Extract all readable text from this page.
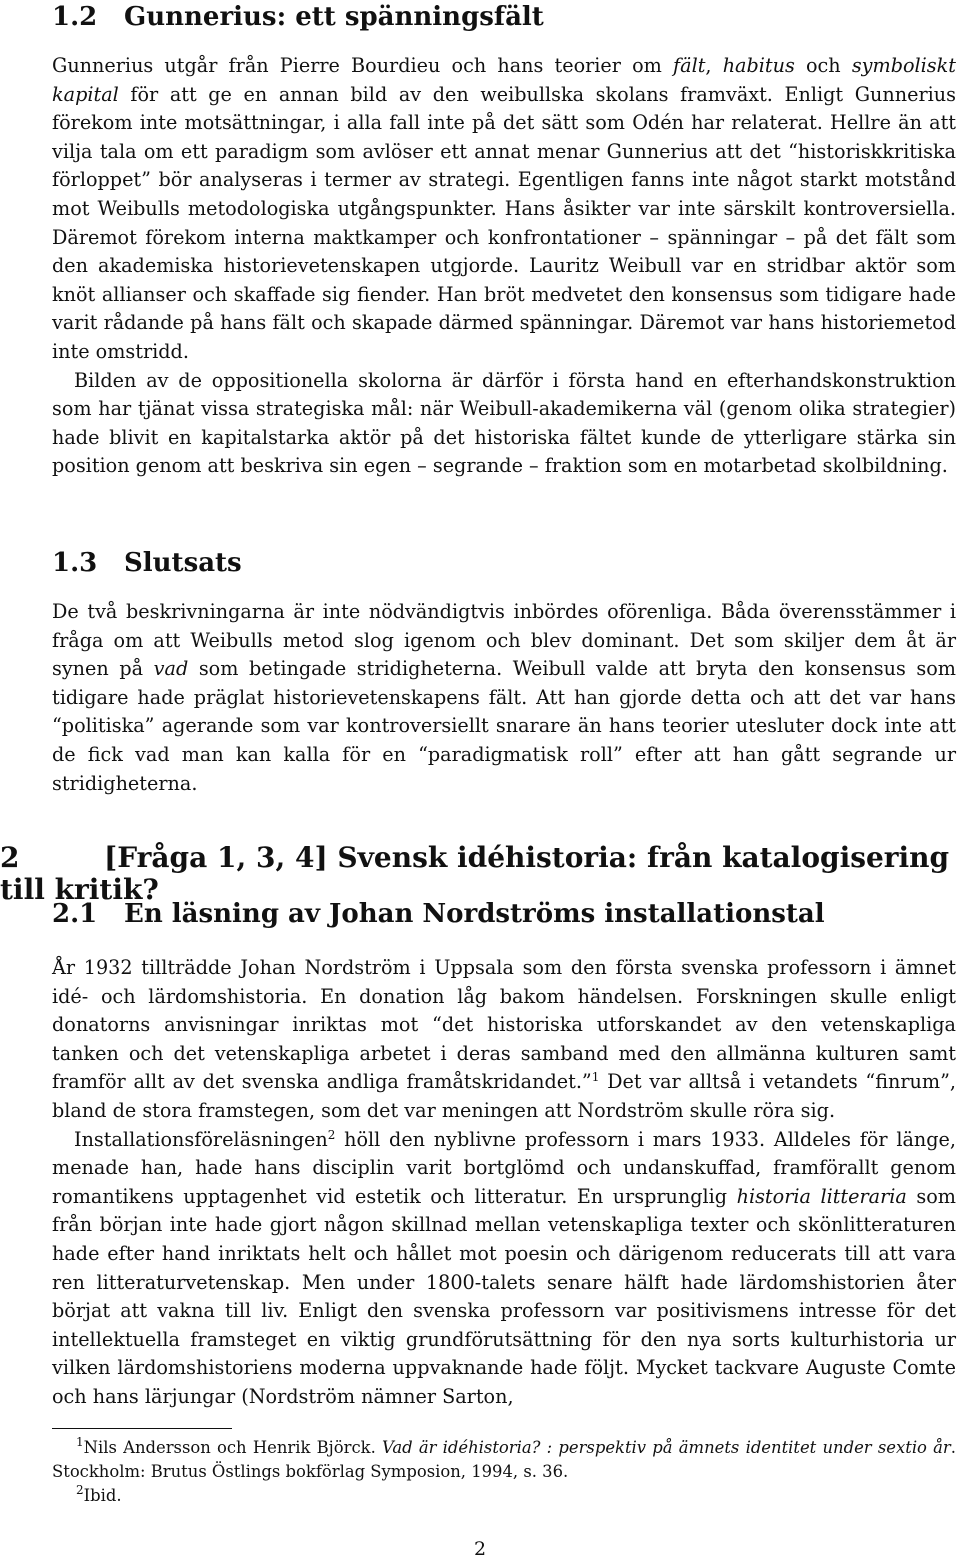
1.2 Gunnerius: ett spänningsfält

Gunnerius utgår från Pierre Bourdieu och hans teorier om fält, habitus och symboliskt kapital för att ge en annan bild av den weibullska skolans framväxt. Enligt Gunnerius förekom inte motsättningar, i alla fall inte på det sätt som Odén har relaterat. Hellre än att vilja tala om ett paradigm som avlöser ett annat menar Gunnerius att det “historiskkritiska förloppet” bör analyseras i termer av strategi. Egentligen fanns inte något starkt motstånd mot Weibulls metodologiska utgångspunkter. Hans åsikter var inte särskilt kontroversiella. Däremot förekom interna maktkamper och konfrontationer – spänningar – på det fält som den akademiska historievetenskapen utgjorde. Lauritz Weibull var en stridbar aktör som knöt allianser och skaffade sig fiender. Han bröt medvetet den konsensus som tidigare hade varit rådande på hans fält och skapade därmed spänningar. Däremot var hans historiemetod inte omstridd.

Bilden av de oppositionella skolorna är därför i första hand en efterhandskonstruktion som har tjänat vissa strategiska mål: när Weibull-akademikerna väl (genom olika strategier) hade blivit en kapitalstarka aktör på det historiska fältet kunde de ytterligare stärka sin position genom att beskriva sin egen – segrande – fraktion som en motarbetad skolbildning.

1.3 Slutsats

De två beskrivningarna är inte nödvändigtvis inbördes oförenliga. Båda överensstämmer i fråga om att Weibulls metod slog igenom och blev dominant. Det som skiljer dem åt är synen på vad som betingade stridigheterna. Weibull valde att bryta den konsensus som tidigare hade präglat historievetenskapens fält. Att han gjorde detta och att det var hans “politiska” agerande som var kontroversiellt snarare än hans teorier utesluter dock inte att de fick vad man kan kalla för en “paradigmatisk roll” efter att han gått segrande ur stridigheterna.

2	[Fråga 1, 3, 4] Svensk idéhistoria: från katalogisering till kritik?
2.1 En läsning av Johan Nordströms installationstal

År 1932 tillträdde Johan Nordström i Uppsala som den första svenska professorn i ämnet idé- och lärdomshistoria. En donation låg bakom händelsen. Forskningen skulle enligt donatorns anvisningar inriktas mot “det historiska utforskandet av den vetenskapliga tanken och det vetenskapliga arbetet i deras samband med den allmänna kulturen samt framför allt av det svenska andliga framåtskridandet.”$^1$ Det var alltså i vetandets “finrum”, bland de stora framstegen, som det var meningen att Nordström skulle röra sig.

Installationsföreläsningen$^2$ höll den nyblivne professorn i mars 1933. Alldeles för länge, menade han, hade hans disciplin varit bortglömd och undanskuffad, framförallt genom romantikens upptagenhet vid estetik och litteratur. En ursprunglig historia litteraria som från början inte hade gjort någon skillnad mellan vetenskapliga texter och skönlitteraturen hade efter hand inriktats helt och hållet mot poesin och därigenom reducerats till att vara ren litteraturvetenskap. Men under 1800-talets senare hälft hade lärdomshistorien åter börjat att vakna till liv. Enligt den svenska professorn var positivismens intresse för det intellektuella framsteget en viktig grundförutsättning för den nya sorts kulturhistoria ur vilken lärdomshistoriens moderna uppvaknande hade följt. Mycket tackvare Auguste Comte och hans lärjungar (Nordström nämner Sarton,

$^1$Nils Andersson och Henrik Björck. Vad är idéhistoria? : perspektiv på ämnets identitet under sextio år. Stockholm: Brutus Östlings bokförlag Symposion, 1994, s. 36.

$^2$Ibid.

2
